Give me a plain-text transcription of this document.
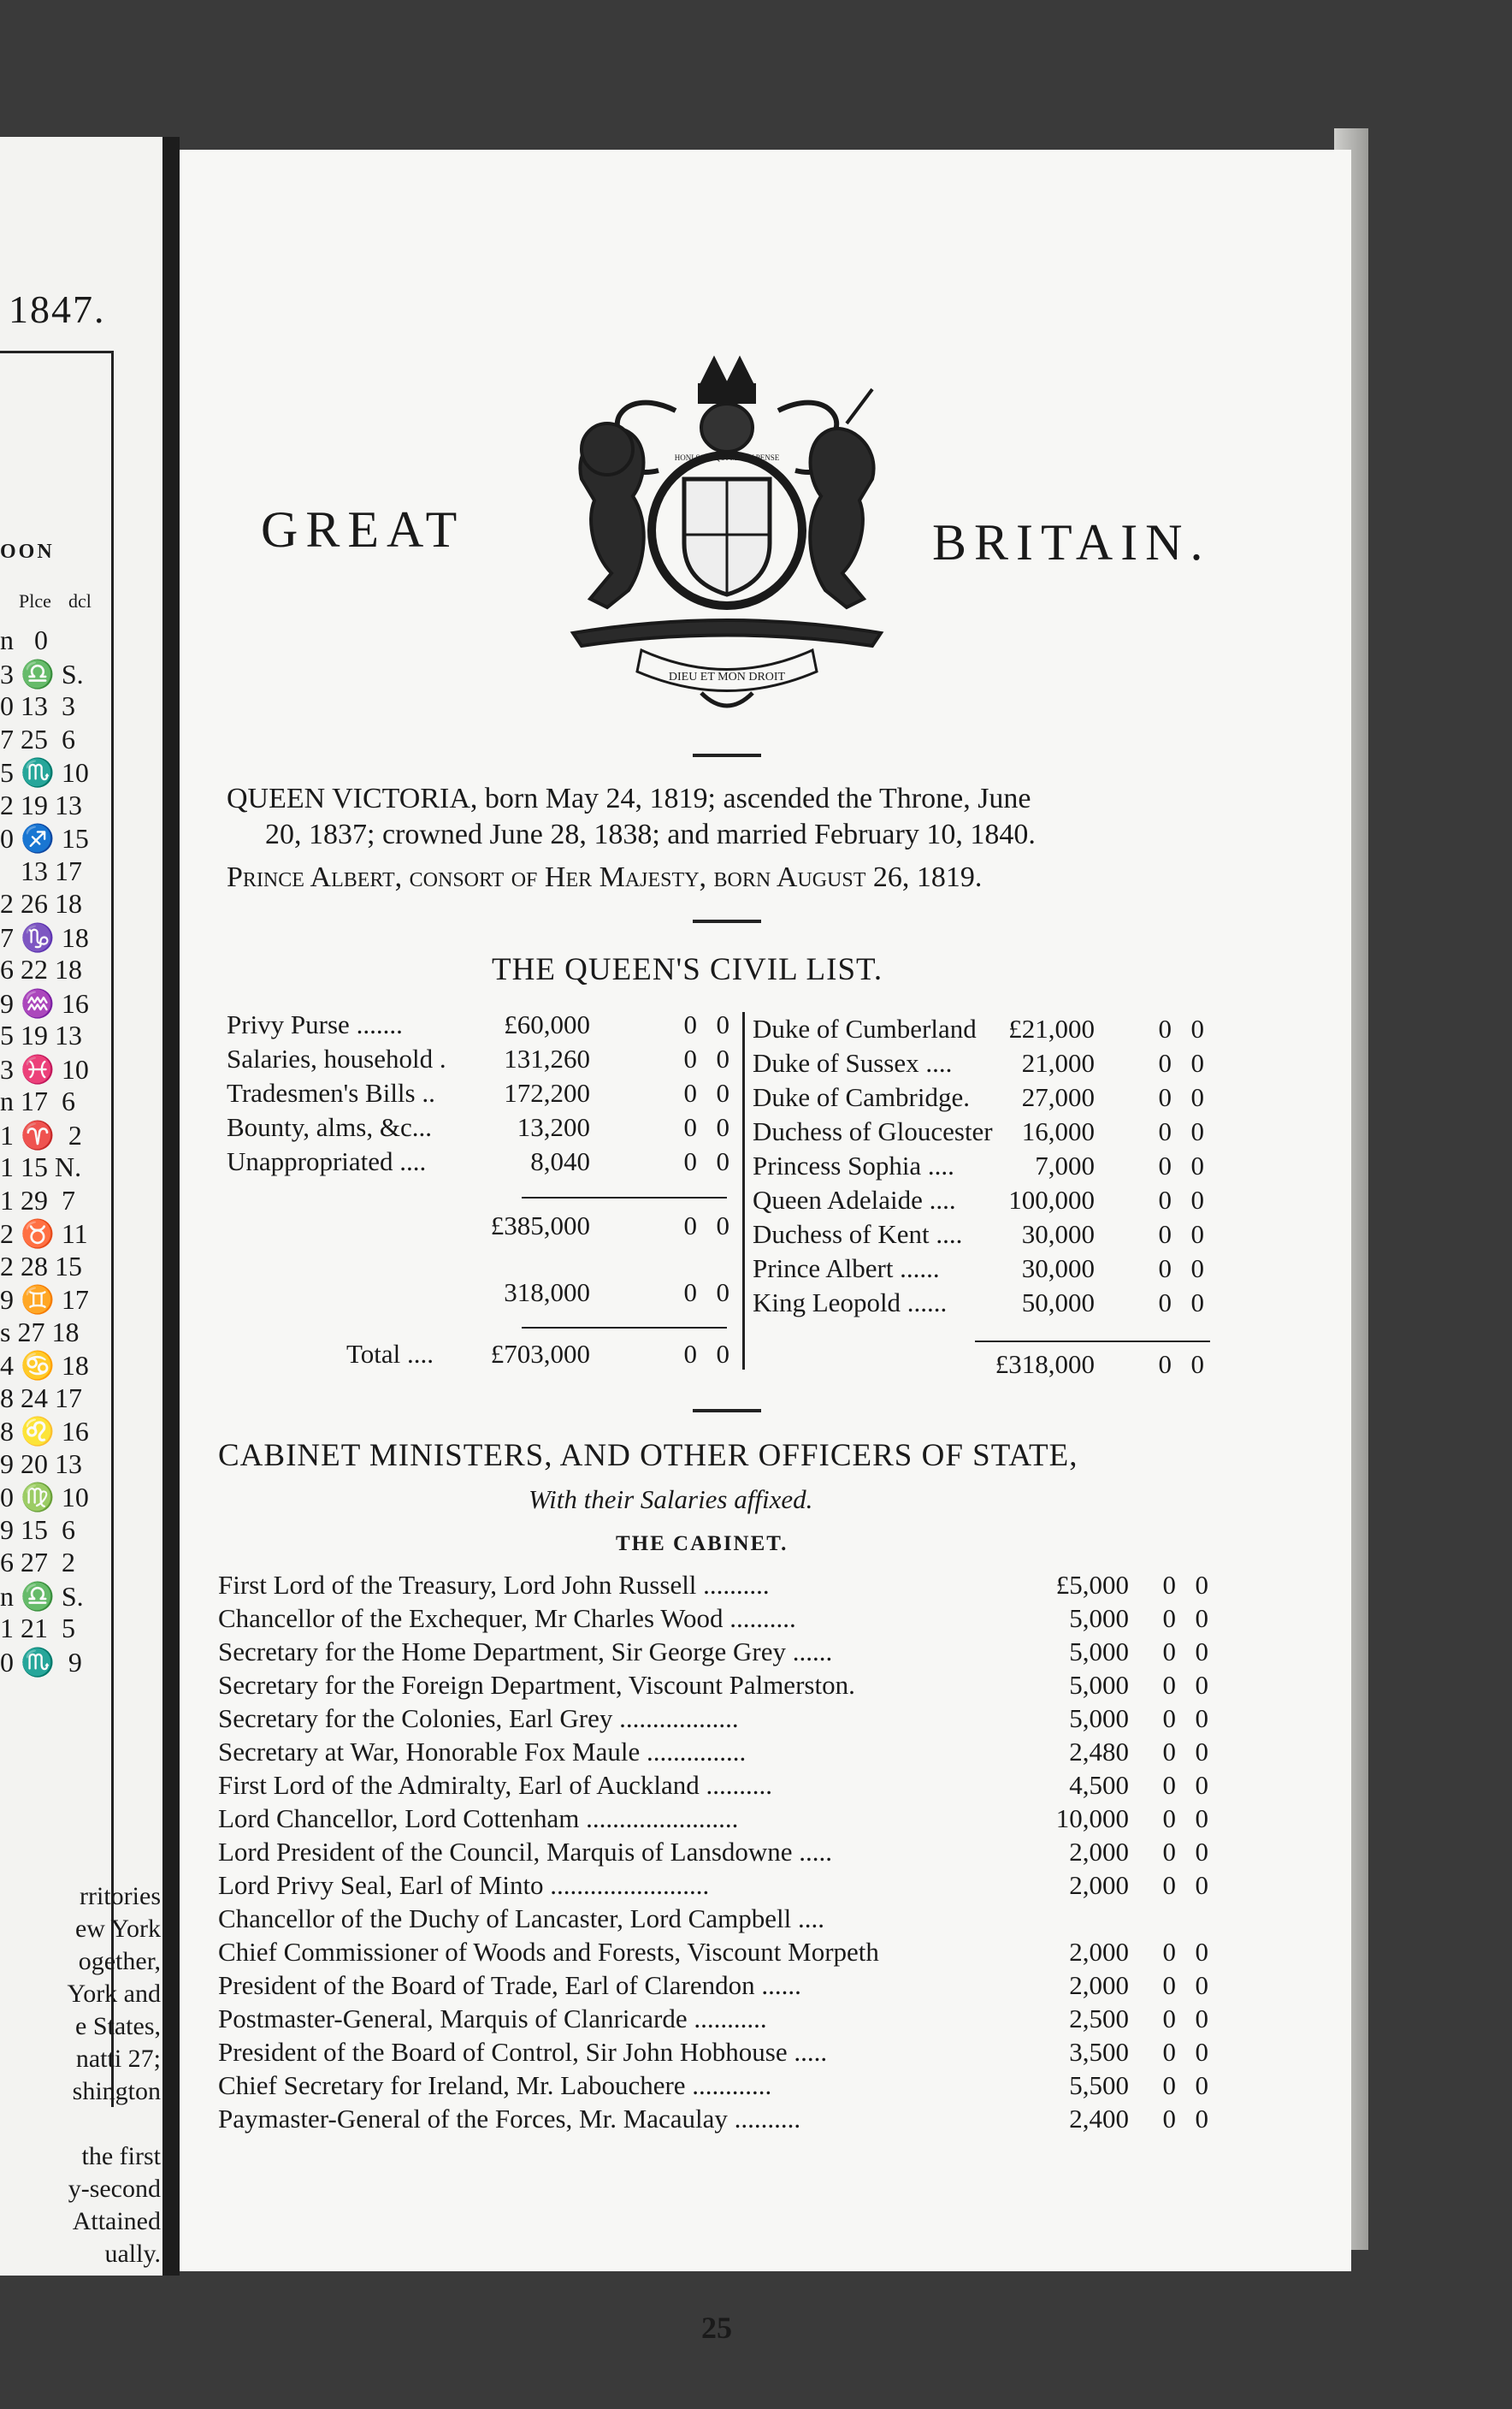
1847.
OON
Plce dcl
n   0
3 ♎ S.
0 13  3
7 25  6
5 ♏ 10
2 19 13
0 ♐ 15
13 17
2 26 18
7 ♑ 18
6 22 18
9 ♒ 16
5 19 13
3 ♓ 10
n 17  6
1 ♈  2
1 15 N.
1 29  7
2 ♉ 11
2 28 15
9 ♊ 17
s 27 18
4 ♋ 18
8 24 17
8 ♌ 16
9 20 13
0 ♍ 10
9 15  6
6 27  2
n ♎ S.
1 21  5
0 ♏  9
rritories
ew York
ogether,
York and
e States,
natti 27;
shington
the first
y-second
Attained
ually.
GREAT	BRITAIN.
DIEU ET MON DROIT
HONI SOIT QUI MAL Y PENSE
QUEEN VICTORIA, born May 24, 1819; ascended the Throne, June
20, 1837; crowned June 28, 1838; and married February 10, 1840.
Prince Albert, consort of Her Majesty, born August 26, 1819.
THE QUEEN'S CIVIL LIST.
Privy Purse .......	£60,000	0 0
Salaries, household . 131,260	0 0
Tradesmen's Bills ..	172,200	0 0
Bounty, alms, &c...	13,200	0 0
Unappropriated ....	8,040	0 0
£385,000	0 0
318,000	0 0
Total .... £703,000	0 0
Duke of Cumberland £21,000 0 0
Duke of Sussex ....	21,000 0 0
Duke of Cambridge. 27,000 0 0
Duchess of Gloucester 16,000 0 0
Princess Sophia ....	7,000 0 0
Queen Adelaide .... 100,000 0 0
Duchess of Kent .... 30,000 0 0
Prince Albert ......	30,000 0 0
King Leopold ......	50,000 0 0
£318,000 0 0
CABINET MINISTERS, AND OTHER OFFICERS OF STATE,
With their Salaries affixed.
THE CABINET.
First Lord of the Treasury, Lord John Russell ..........	£5,000 0 0
Chancellor of the Exchequer, Mr Charles Wood ..........	5,000 0 0
Secretary for the Home Department, Sir George Grey ......	5,000 0 0
Secretary for the Foreign Department, Viscount Palmerston.	5,000 0 0
Secretary for the Colonies, Earl Grey ..................	5,000 0 0
Secretary at War, Honorable Fox Maule ...............	2,480 0 0
First Lord of the Admiralty, Earl of Auckland ..........	4,500 0 0
Lord Chancellor, Lord Cottenham .......................	10,000 0 0
Lord President of the Council, Marquis of Lansdowne .....	2,000 0 0
Lord Privy Seal, Earl of Minto ........................	2,000 0 0
Chancellor of the Duchy of Lancaster, Lord Campbell ....
Chief Commissioner of Woods and Forests, Viscount Morpeth	2,000 0 0
President of the Board of Trade, Earl of Clarendon ......	2,000 0 0
Postmaster-General, Marquis of Clanricarde ...........	2,500 0 0
President of the Board of Control, Sir John Hobhouse .....	3,500 0 0
Chief Secretary for Ireland, Mr. Labouchere ............	5,500 0 0
Paymaster-General of the Forces, Mr. Macaulay ..........	2,400 0 0
25
